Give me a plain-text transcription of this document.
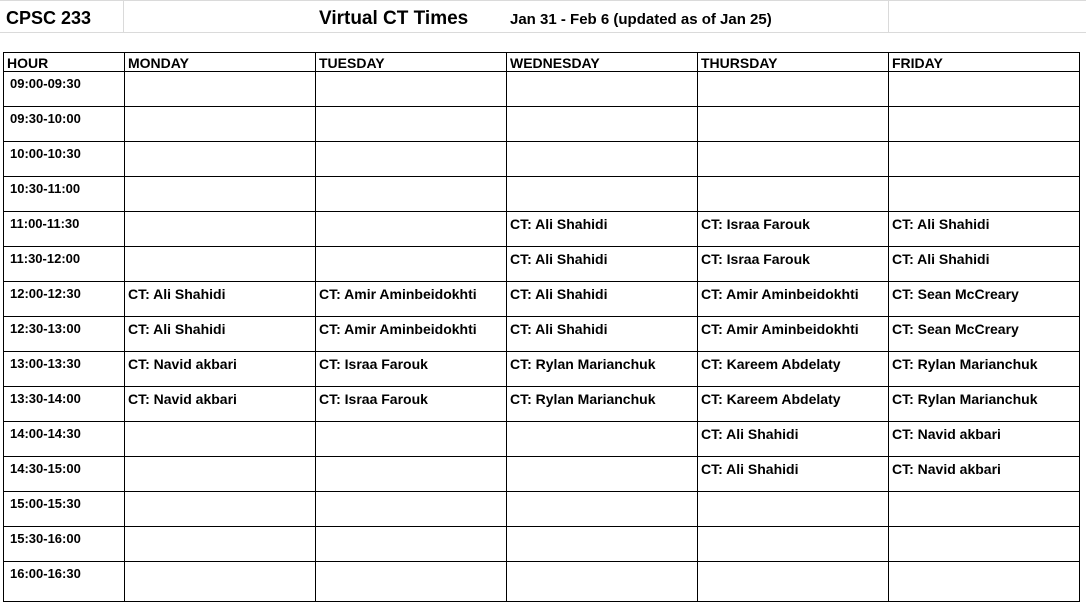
CPSC 233	Virtual CT Times	Jan 31 - Feb 6 (updated as of Jan 25)
HOUR	MONDAY	TUESDAY	WEDNESDAY	THURSDAY	FRIDAY
09:00-09:30					
09:30-10:00					
10:00-10:30					
10:30-11:00					
11:00-11:30			CT: Ali Shahidi	CT: Israa Farouk	CT: Ali Shahidi
11:30-12:00			CT: Ali Shahidi	CT: Israa Farouk	CT: Ali Shahidi
12:00-12:30	CT: Ali Shahidi	CT: Amir Aminbeidokhti	CT: Ali Shahidi	CT: Amir Aminbeidokhti	CT: Sean McCreary
12:30-13:00	CT: Ali Shahidi	CT: Amir Aminbeidokhti	CT: Ali Shahidi	CT: Amir Aminbeidokhti	CT: Sean McCreary
13:00-13:30	CT: Navid akbari	CT: Israa Farouk	CT: Rylan Marianchuk	CT: Kareem Abdelaty	CT: Rylan Marianchuk
13:30-14:00	CT: Navid akbari	CT: Israa Farouk	CT: Rylan Marianchuk	CT: Kareem Abdelaty	CT: Rylan Marianchuk
14:00-14:30				CT: Ali Shahidi	CT: Navid akbari
14:30-15:00				CT: Ali Shahidi	CT: Navid akbari
15:00-15:30					
15:30-16:00					
16:00-16:30					
